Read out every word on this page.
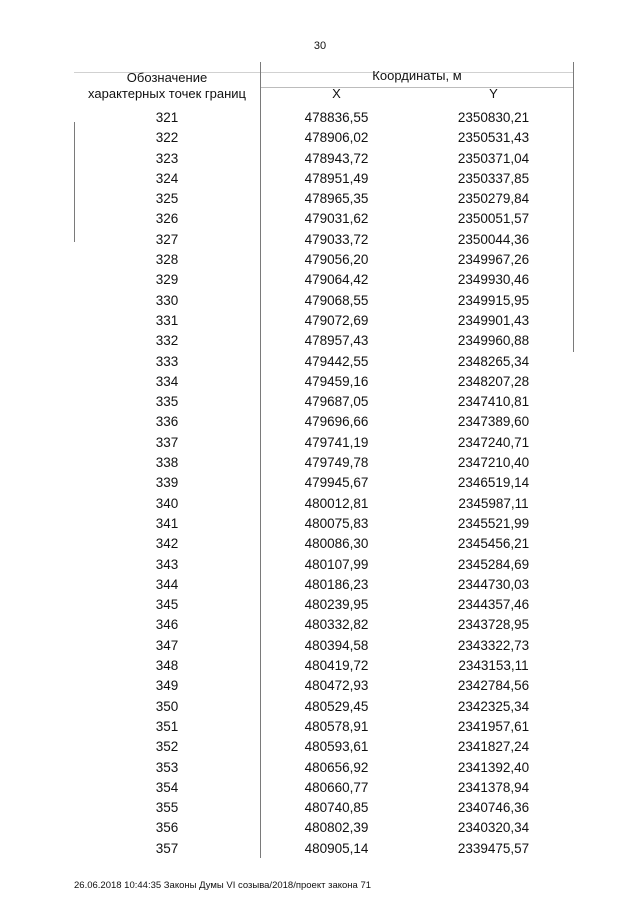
30
Обозначение
характерных точек границ
Координаты, м
X	Y
321	478836,55	2350830,21
322	478906,02	2350531,43
323	478943,72	2350371,04
324	478951,49	2350337,85
325	478965,35	2350279,84
326	479031,62	2350051,57
327	479033,72	2350044,36
328	479056,20	2349967,26
329	479064,42	2349930,46
330	479068,55	2349915,95
331	479072,69	2349901,43
332	478957,43	2349960,88
333	479442,55	2348265,34
334	479459,16	2348207,28
335	479687,05	2347410,81
336	479696,66	2347389,60
337	479741,19	2347240,71
338	479749,78	2347210,40
339	479945,67	2346519,14
340	480012,81	2345987,11
341	480075,83	2345521,99
342	480086,30	2345456,21
343	480107,99	2345284,69
344	480186,23	2344730,03
345	480239,95	2344357,46
346	480332,82	2343728,95
347	480394,58	2343322,73
348	480419,72	2343153,11
349	480472,93	2342784,56
350	480529,45	2342325,34
351	480578,91	2341957,61
352	480593,61	2341827,24
353	480656,92	2341392,40
354	480660,77	2341378,94
355	480740,85	2340746,36
356	480802,39	2340320,34
357	480905,14	2339475,57
26.06.2018 10:44:35 Законы Думы VI созыва/2018/проект закона 71
